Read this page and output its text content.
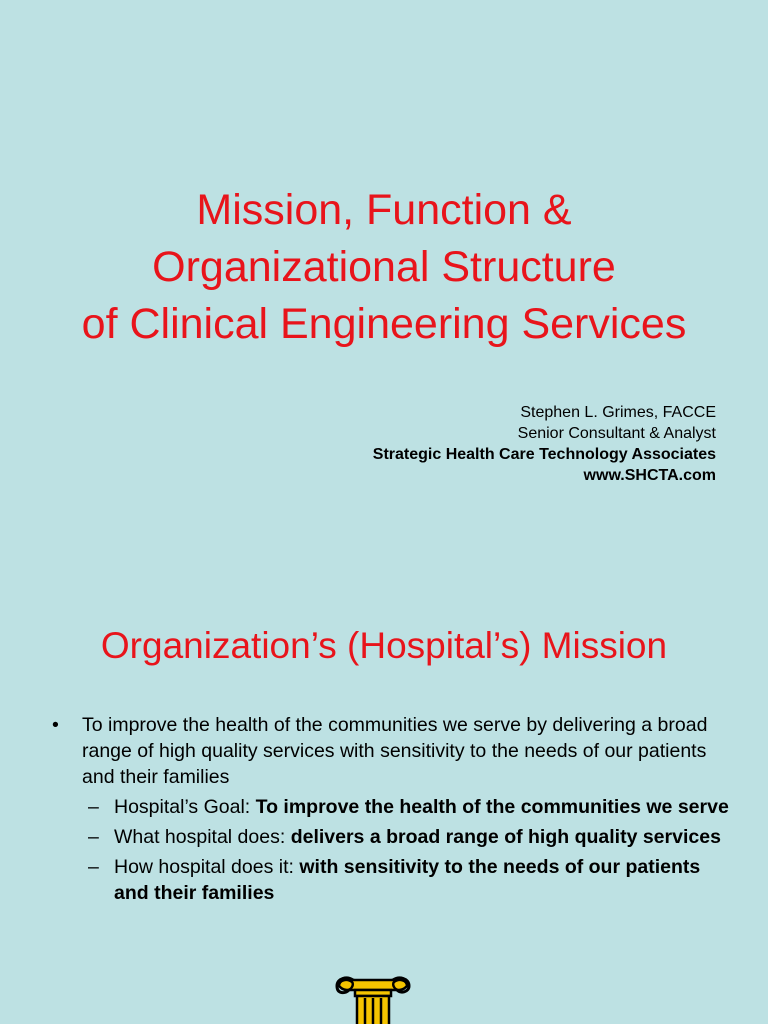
Mission, Function &
Organizational Structure
of Clinical Engineering Services
Stephen L. Grimes, FACCE
Senior Consultant & Analyst
Strategic Health Care Technology Associates
www.SHCTA.com
Organization’s (Hospital’s) Mission
• To improve the health of the communities we serve by delivering a broad range of high quality services with sensitivity to the needs of our patients and their families
– Hospital’s Goal: To improve the health of the communities we serve
– What hospital does: delivers a broad range of high quality services
– How hospital does it: with sensitivity to the needs of our patients and their families
